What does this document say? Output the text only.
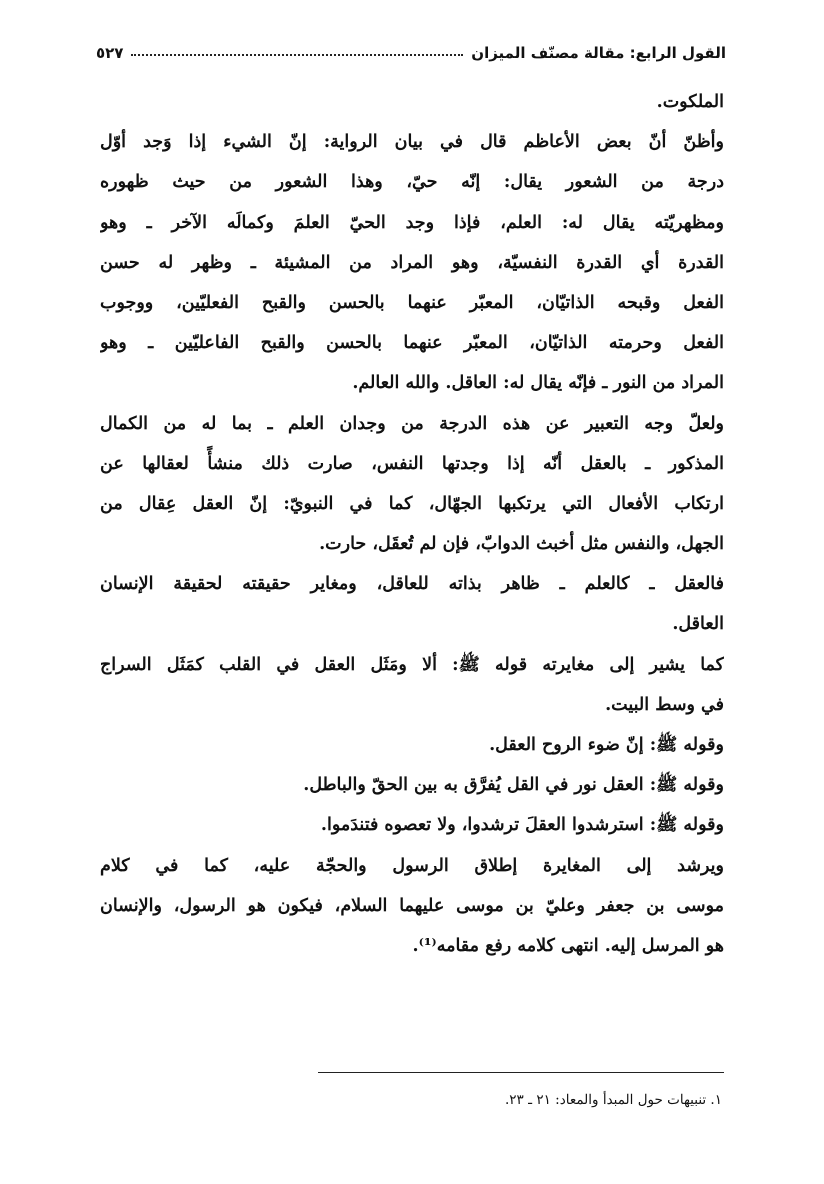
القول الرابع: مقالة مصنّف الميزان
٥٢٧
الملكوت.
وأظنّ أنّ بعض الأعاظم قال في بيان الرواية: إنّ الشيء إذا وَجد أوّل
درجة من الشعور يقال: إنّه حيّ، وهذا الشعور من حيث ظهوره
ومظهريّته يقال له: العلم، فإذا وجد الحيّ العلمَ وكمالَه الآخر ـ وهو
القدرة أي القدرة النفسيّة، وهو المراد من المشيئة ـ وظهر له حسن
الفعل وقبحه الذاتيّان، المعبّر عنهما بالحسن والقبح الفعليّين، ووجوب
الفعل وحرمته الذاتيّان، المعبّر عنهما بالحسن والقبح الفاعليّين ـ وهو
المراد من النور ـ فإنّه يقال له: العاقل. والله العالم.
ولعلّ وجه التعبير عن هذه الدرجة من وجدان العلم ـ بما له من الكمال
المذكور ـ بالعقل أنّه إذا وجدتها النفس، صارت ذلك منشأً لعقالها عن
ارتكاب الأفعال التي يرتكبها الجهّال، كما في النبويّ: إنّ العقل عِقال من
الجهل، والنفس مثل أخبث الدوابّ، فإن لم تُعقَل، حارت.
فالعقل ـ كالعلم ـ ظاهر بذاته للعاقل، ومغاير حقيقته لحقيقة الإنسان
العاقل.
كما يشير إلى مغايرته قوله ﷺ: ألا ومَثَل العقل في القلب كمَثَل السراج
في وسط البيت.
وقوله ﷺ: إنّ ضوء الروح العقل.
وقوله ﷺ: العقل نور في القل يُفرَّق به بين الحقّ والباطل.
وقوله ﷺ: استرشدوا العقلَ ترشدوا، ولا تعصوه فتندَموا.
ويرشد إلى المغايرة إطلاق الرسول والحجّة عليه، كما في كلام
موسى بن جعفر وعليّ بن موسى عليهما السلام، فيكون هو الرسول، والإنسان
هو المرسل إليه. انتهى كلامه رفع مقامه⁽¹⁾.
١. تنبيهات حول المبدأ والمعاد: ٢١ ـ ٢٣.
